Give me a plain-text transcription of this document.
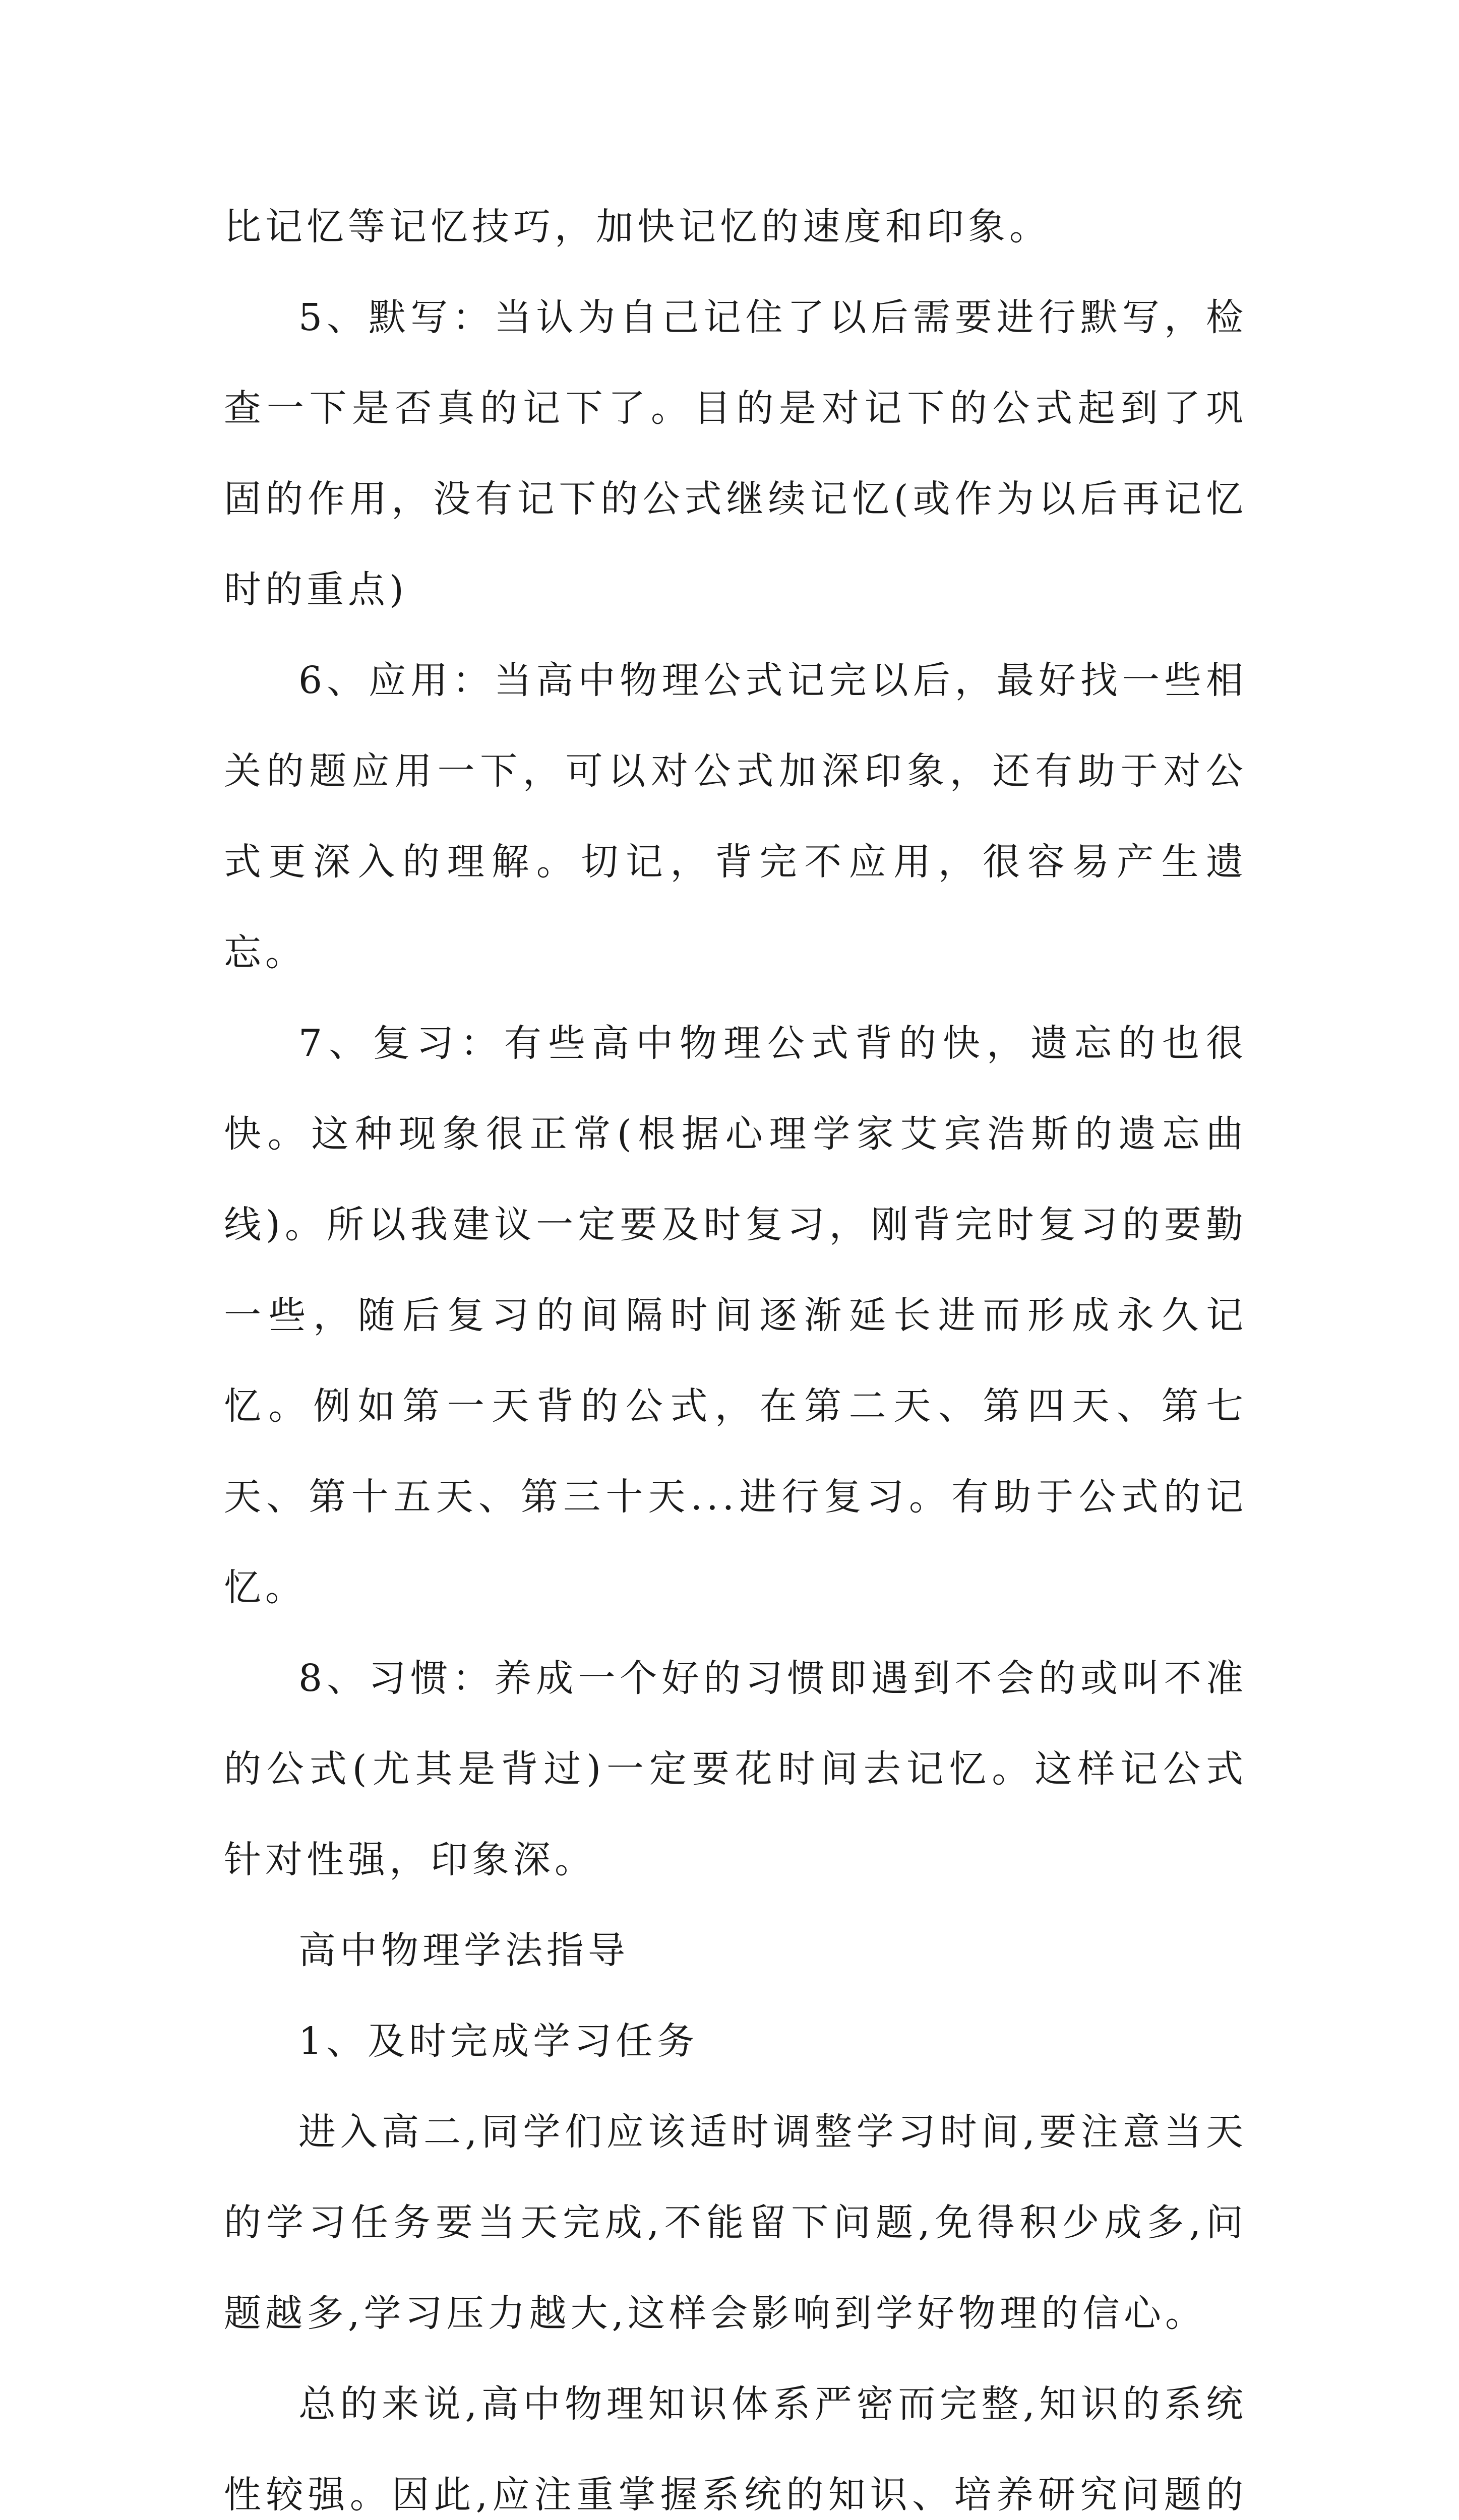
比记忆等记忆技巧，加快记忆的速度和印象。

5、默写：当认为自己记住了以后需要进行默写，检查一下是否真的记下了。目的是对记下的公式起到了巩固的作用，没有记下的公式继续记忆(或作为以后再记忆时的重点)

6、应用：当高中物理公式记完以后，最好找一些相关的题应用一下，可以对公式加深印象，还有助于对公式更深入的理解。切记，背完不应用，很容易产生遗忘。

7、复习：有些高中物理公式背的快，遗忘的也很快。这种现象很正常(根据心理学家艾宾浩斯的遗忘曲线)。所以我建议一定要及时复习，刚背完时复习的要勤一些，随后复习的间隔时间逐渐延长进而形成永久记忆。例如第一天背的公式，在第二天、第四天、第七天、第十五天、第三十天...进行复习。有助于公式的记忆。

8、习惯：养成一个好的习惯即遇到不会的或叫不准的公式(尤其是背过)一定要花时间去记忆。这样记公式针对性强，印象深。

高中物理学法指导

1、及时完成学习任务

进入高二,同学们应该适时调整学习时间,要注意当天的学习任务要当天完成,不能留下问题,免得积少成多,问题越多,学习压力越大,这样会影响到学好物理的信心。

总的来说,高中物理知识体系严密而完整,知识的系统性较强。因此,应注重掌握系统的知识、培养研究问题的
